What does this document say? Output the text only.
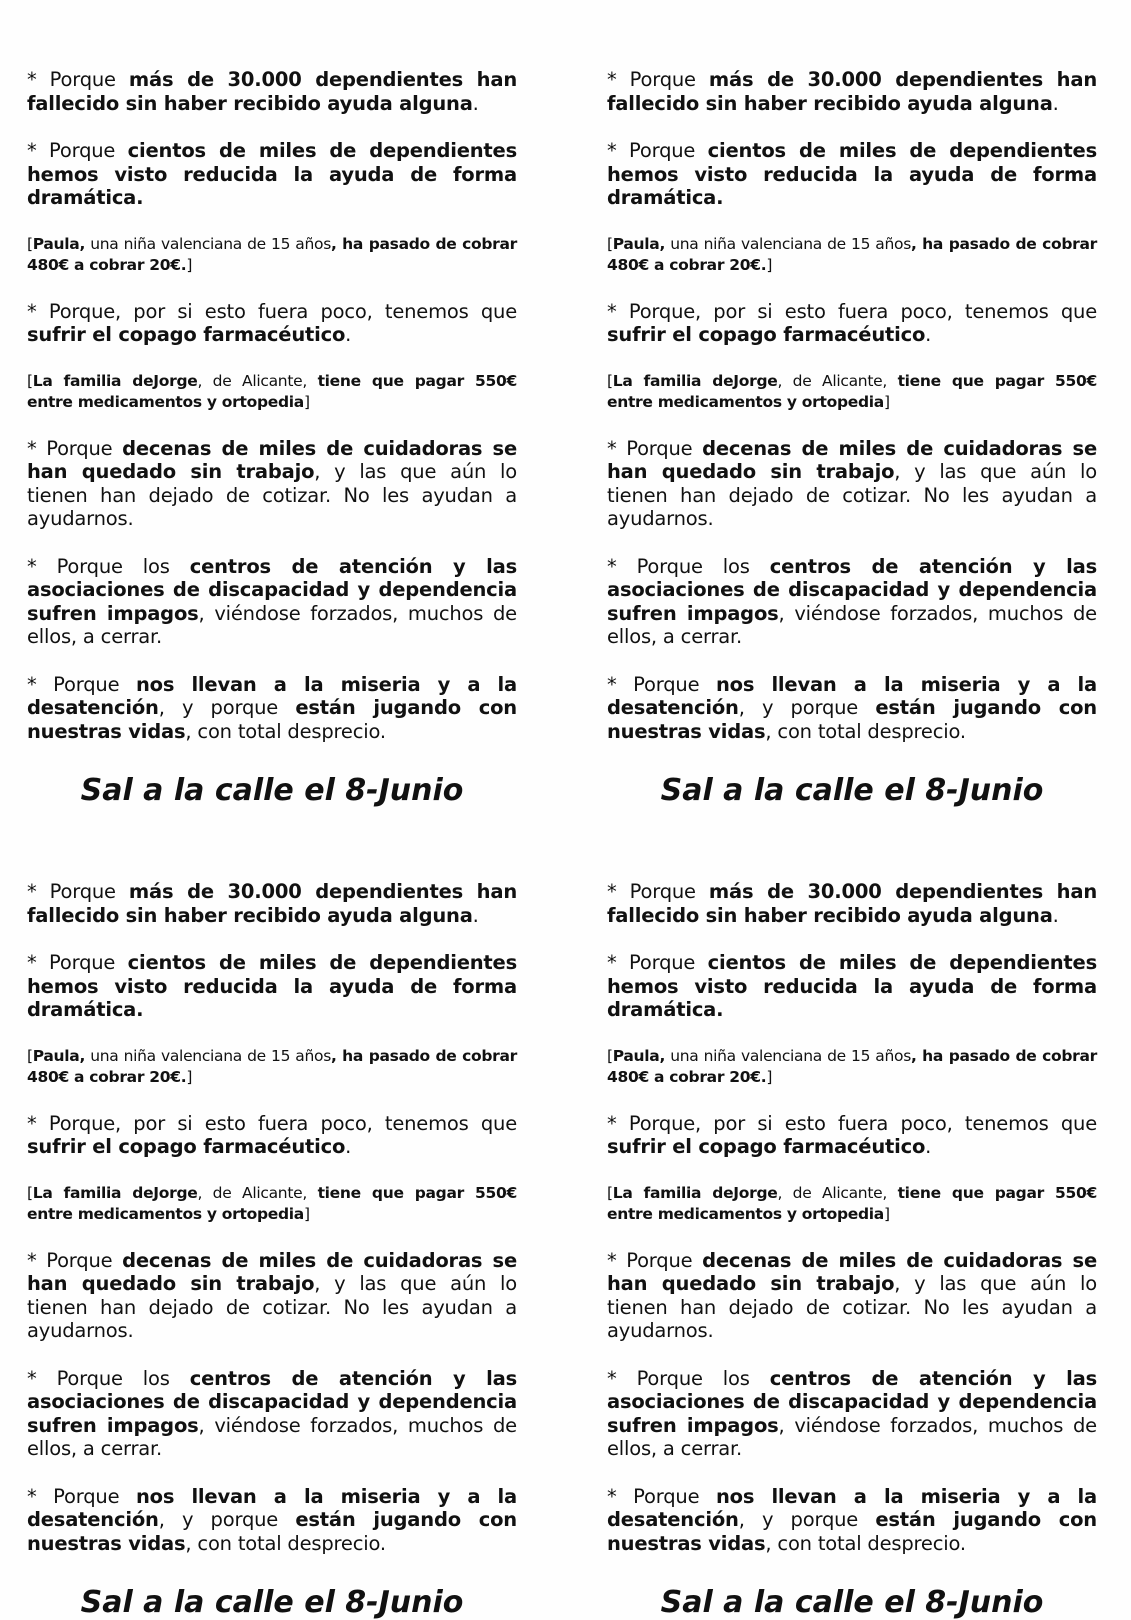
* Porque más de 30.000 dependientes han fallecido sin haber recibido ayuda alguna.

* Porque cientos de miles de dependientes hemos visto reducida la ayuda de forma dramática.

[Paula, una niña valenciana de 15 años, ha pasado de cobrar 480€ a cobrar 20€.]

* Porque, por si esto fuera poco, tenemos que sufrir el copago farmacéutico.

[La familia deJorge, de Alicante, tiene que pagar 550€ entre medicamentos y ortopedia]

* Porque decenas de miles de cuidadoras se han quedado sin trabajo, y las que aún lo tienen han dejado de cotizar. No les ayudan a ayudarnos.

* Porque los centros de atención y las asociaciones de discapacidad y dependencia sufren impagos, viéndose forzados, muchos de ellos, a cerrar.

* Porque nos llevan a la miseria y a la desatención, y porque están jugando con nuestras vidas, con total desprecio.

Sal a la calle el 8-Junio

* Porque más de 30.000 dependientes han fallecido sin haber recibido ayuda alguna.

* Porque cientos de miles de dependientes hemos visto reducida la ayuda de forma dramática.

[Paula, una niña valenciana de 15 años, ha pasado de cobrar 480€ a cobrar 20€.]

* Porque, por si esto fuera poco, tenemos que sufrir el copago farmacéutico.

[La familia deJorge, de Alicante, tiene que pagar 550€ entre medicamentos y ortopedia]

* Porque decenas de miles de cuidadoras se han quedado sin trabajo, y las que aún lo tienen han dejado de cotizar. No les ayudan a ayudarnos.

* Porque los centros de atención y las asociaciones de discapacidad y dependencia sufren impagos, viéndose forzados, muchos de ellos, a cerrar.

* Porque nos llevan a la miseria y a la desatención, y porque están jugando con nuestras vidas, con total desprecio.

Sal a la calle el 8-Junio

* Porque más de 30.000 dependientes han fallecido sin haber recibido ayuda alguna.

* Porque cientos de miles de dependientes hemos visto reducida la ayuda de forma dramática.

[Paula, una niña valenciana de 15 años, ha pasado de cobrar 480€ a cobrar 20€.]

* Porque, por si esto fuera poco, tenemos que sufrir el copago farmacéutico.

[La familia deJorge, de Alicante, tiene que pagar 550€ entre medicamentos y ortopedia]

* Porque decenas de miles de cuidadoras se han quedado sin trabajo, y las que aún lo tienen han dejado de cotizar. No les ayudan a ayudarnos.

* Porque los centros de atención y las asociaciones de discapacidad y dependencia sufren impagos, viéndose forzados, muchos de ellos, a cerrar.

* Porque nos llevan a la miseria y a la desatención, y porque están jugando con nuestras vidas, con total desprecio.

Sal a la calle el 8-Junio

* Porque más de 30.000 dependientes han fallecido sin haber recibido ayuda alguna.

* Porque cientos de miles de dependientes hemos visto reducida la ayuda de forma dramática.

[Paula, una niña valenciana de 15 años, ha pasado de cobrar 480€ a cobrar 20€.]

* Porque, por si esto fuera poco, tenemos que sufrir el copago farmacéutico.

[La familia deJorge, de Alicante, tiene que pagar 550€ entre medicamentos y ortopedia]

* Porque decenas de miles de cuidadoras se han quedado sin trabajo, y las que aún lo tienen han dejado de cotizar. No les ayudan a ayudarnos.

* Porque los centros de atención y las asociaciones de discapacidad y dependencia sufren impagos, viéndose forzados, muchos de ellos, a cerrar.

* Porque nos llevan a la miseria y a la desatención, y porque están jugando con nuestras vidas, con total desprecio.

Sal a la calle el 8-Junio
